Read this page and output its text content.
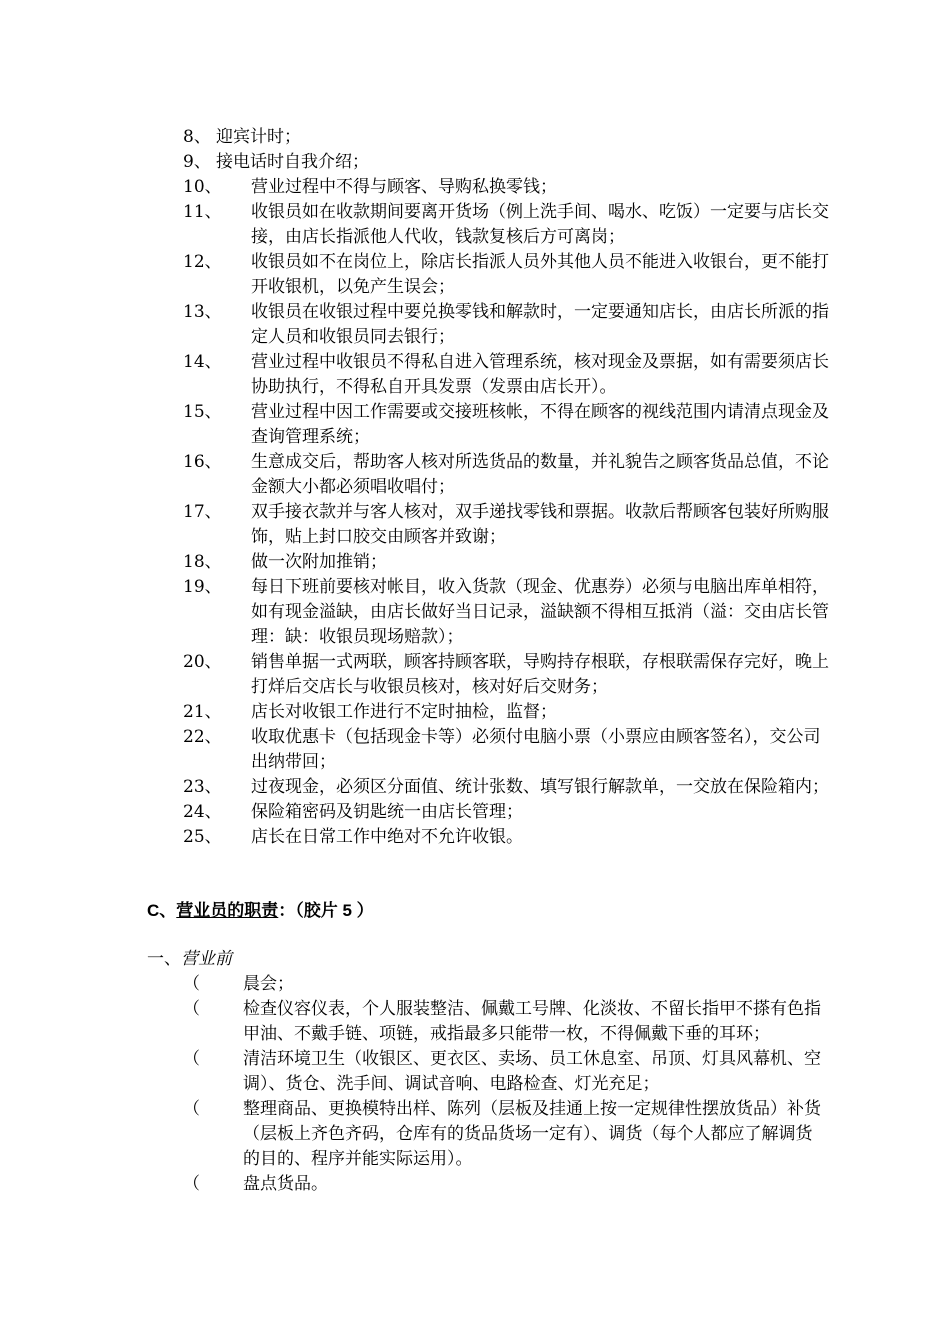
8、 迎宾计时；
9、 接电话时自我介绍；
10、	营业过程中不得与顾客、导购私换零钱；
11、	收银员如在收款期间要离开货场（例上洗手间、喝水、吃饭）一定要与店长交接，由店长指派他人代收，钱款复核后方可离岗；
12、	收银员如不在岗位上，除店长指派人员外其他人员不能进入收银台，更不能打开收银机，以免产生误会；
13、	收银员在收银过程中要兑换零钱和解款时，一定要通知店长，由店长所派的指定人员和收银员同去银行；
14、	营业过程中收银员不得私自进入管理系统，核对现金及票据，如有需要须店长协助执行，不得私自开具发票（发票由店长开）。
15、	营业过程中因工作需要或交接班核帐，不得在顾客的视线范围内请清点现金及查询管理系统；
16、	生意成交后，帮助客人核对所选货品的数量，并礼貌告之顾客货品总值，不论金额大小都必须唱收唱付；
17、	双手接衣款并与客人核对，双手递找零钱和票据。收款后帮顾客包装好所购服饰，贴上封口胶交由顾客并致谢；
18、	做一次附加推销；
19、	每日下班前要核对帐目，收入货款（现金、优惠券）必须与电脑出库单相符，如有现金溢缺，由店长做好当日记录，溢缺额不得相互抵消（溢：交由店长管理：缺：收银员现场赔款）；
20、	销售单据一式两联，顾客持顾客联，导购持存根联，存根联需保存完好，晚上打烊后交店长与收银员核对，核对好后交财务；
21、	店长对收银工作进行不定时抽检，监督；
22、	收取优惠卡（包括现金卡等）必须付电脑小票（小票应由顾客签名），交公司出纳带回；
23、	过夜现金，必须区分面值、统计张数、填写银行解款单，一交放在保险箱内；
24、	保险箱密码及钥匙统一由店长管理；
25、	店长在日常工作中绝对不允许收银。
C、营业员的职责：（胶片 5 ）
一、营业前
（	晨会；
（	检查仪容仪表，个人服装整洁、佩戴工号牌、化淡妆、不留长指甲不搽有色指甲油、不戴手链、项链，戒指最多只能带一枚，不得佩戴下垂的耳环；
（	清洁环境卫生（收银区、更衣区、卖场、员工休息室、吊顶、灯具风幕机、空调）、货仓、洗手间、调试音响、电路检查、灯光充足；
（	整理商品、更换模特出样、陈列（层板及挂通上按一定规律性摆放货品）补货（层板上齐色齐码，仓库有的货品货场一定有）、调货（每个人都应了解调货的目的、程序并能实际运用）。
（	盘点货品。
